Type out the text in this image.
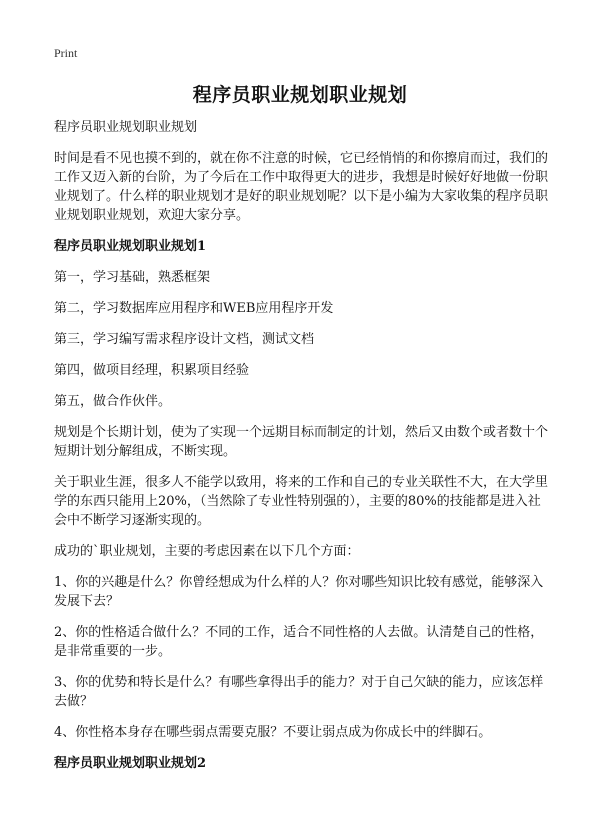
Print
程序员职业规划职业规划

程序员职业规划职业规划

时间是看不见也摸不到的，就在你不注意的时候，它已经悄悄的和你擦肩而过，我们的工作又迈入新的台阶，为了今后在工作中取得更大的进步，我想是时候好好地做一份职业规划了。什么样的职业规划才是好的职业规划呢？以下是小编为大家收集的程序员职业规划职业规划，欢迎大家分享。

程序员职业规划职业规划1

第一，学习基础，熟悉框架

第二，学习数据库应用程序和WEB应用程序开发

第三，学习编写需求程序设计文档，测试文档

第四，做项目经理，积累项目经验

第五，做合作伙伴。

规划是个长期计划，使为了实现一个远期目标而制定的计划，然后又由数个或者数十个短期计划分解组成，不断实现。

关于职业生涯，很多人不能学以致用，将来的工作和自己的专业关联性不大，在大学里学的东西只能用上20%，（当然除了专业性特别强的），主要的80%的技能都是进入社会中不断学习逐渐实现的。

成功的`职业规划，主要的考虑因素在以下几个方面：

1、你的兴趣是什么？你曾经想成为什么样的人？你对哪些知识比较有感觉，能够深入发展下去？

2、你的性格适合做什么？不同的工作，适合不同性格的人去做。认清楚自己的性格，是非常重要的一步。

3、你的优势和特长是什么？有哪些拿得出手的能力？对于自己欠缺的能力，应该怎样去做？

4、你性格本身存在哪些弱点需要克服？不要让弱点成为你成长中的绊脚石。

程序员职业规划职业规划2
